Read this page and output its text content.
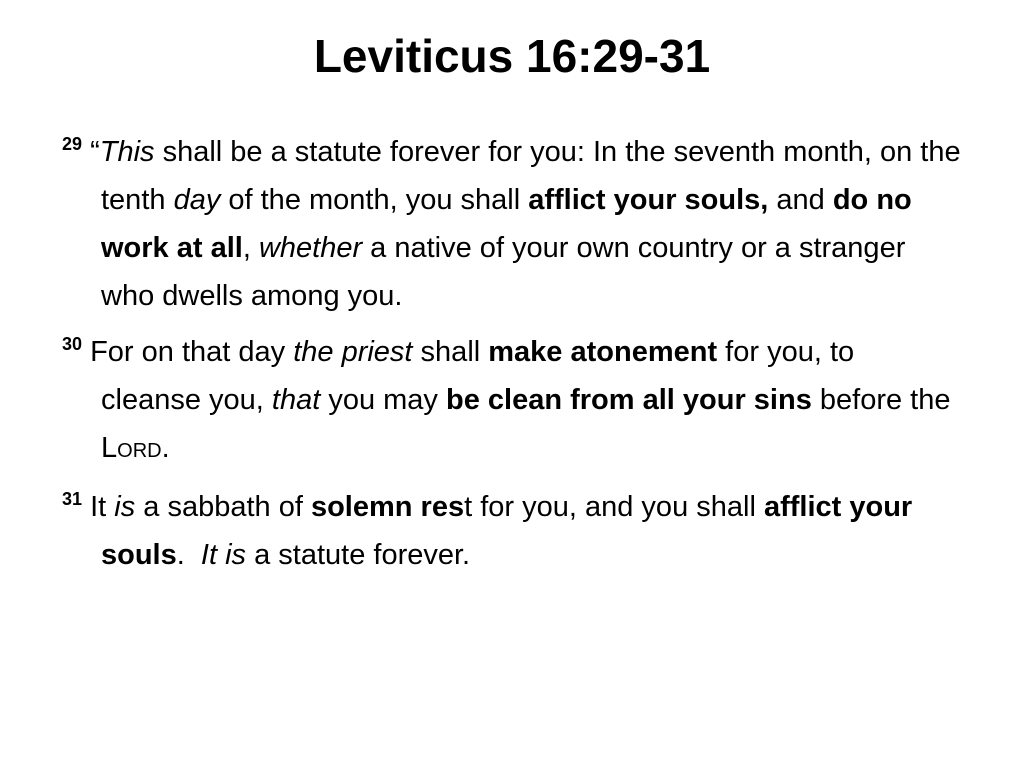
Leviticus 16:29-31

$^{29}$ “This shall be a statute forever for you: In the seventh month, on the tenth day of the month, you shall afflict your souls, and do no work at all, whether a native of your own country or a stranger who dwells among you.

$^{30}$ For on that day the priest shall make atonement for you, to cleanse you, that you may be clean from all your sins before the LORD.

$^{31}$ It is a sabbath of solemn rest for you, and you shall afflict your souls.  It is a statute forever.
